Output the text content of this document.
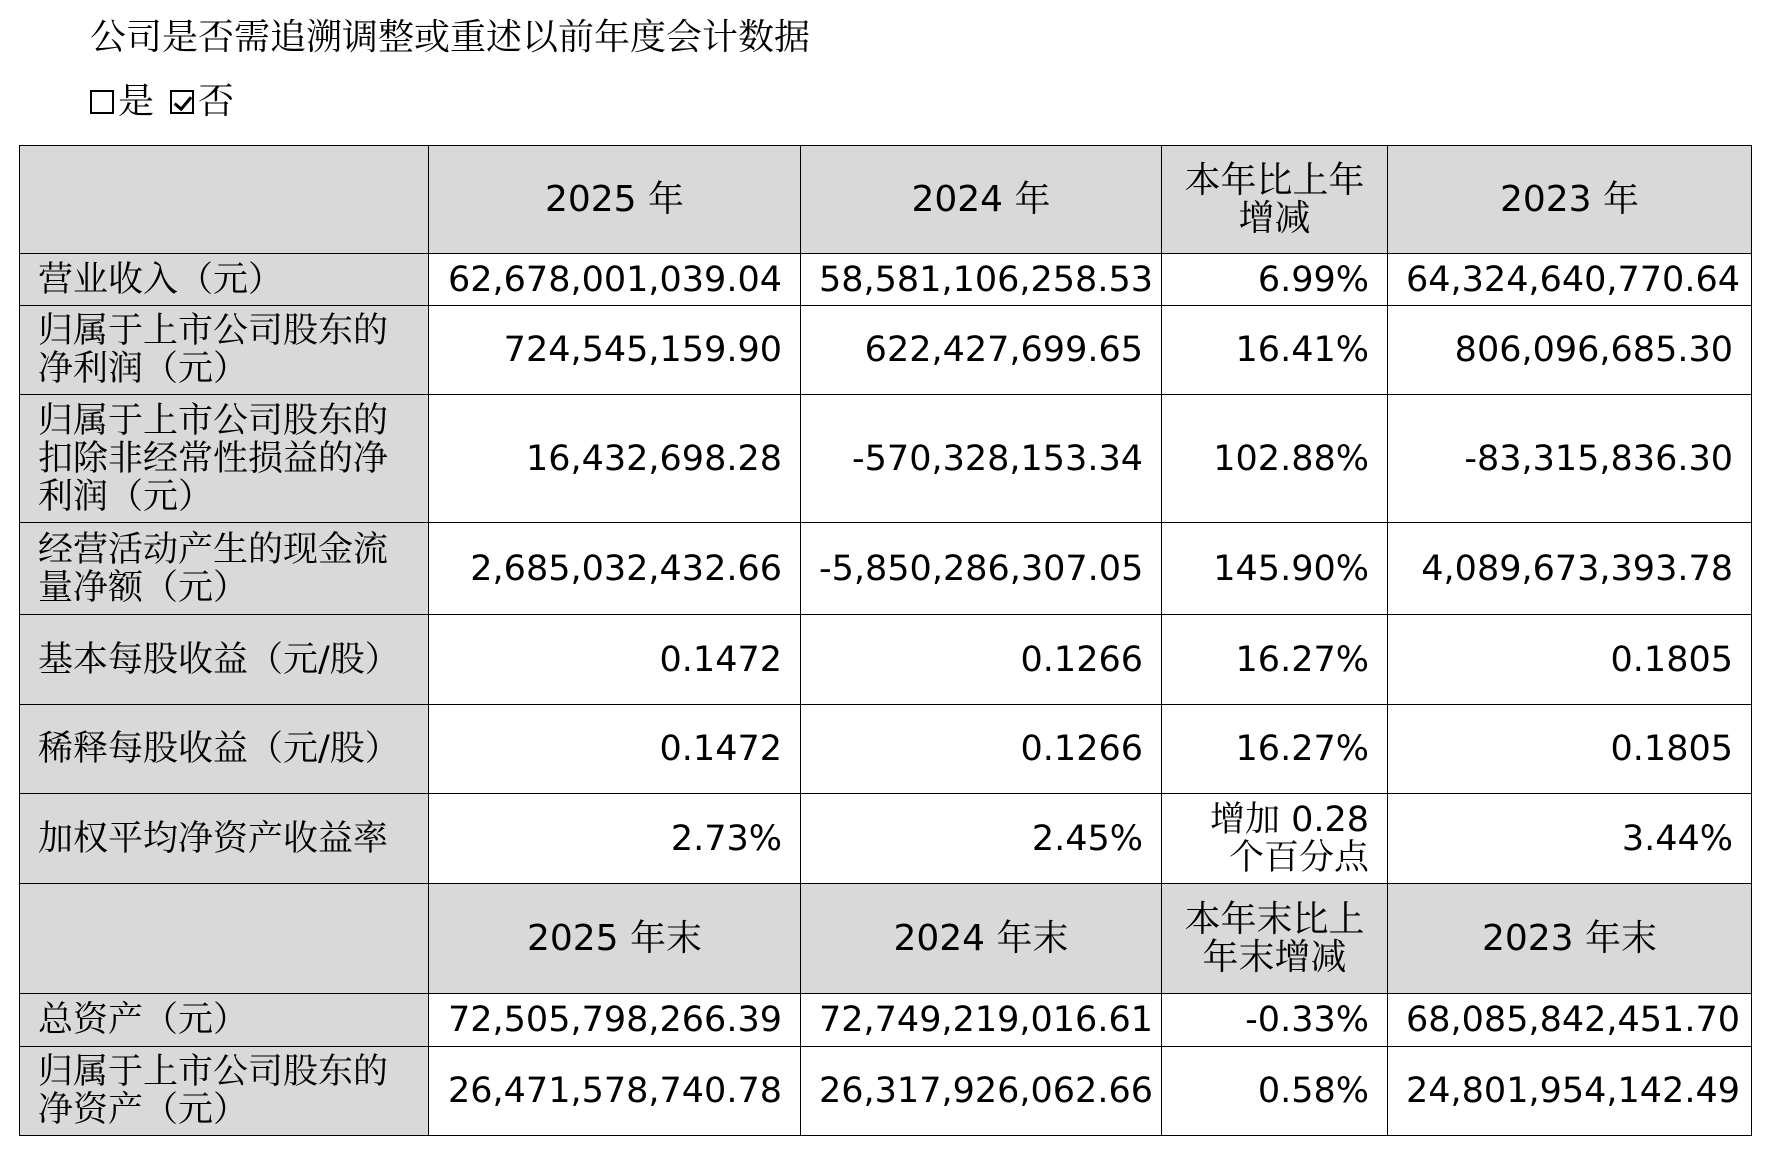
公司是否需追溯调整或重述以前年度会计数据
是 否
	2025 年	2024 年	本年比上年增减	2023 年
营业收入（元）	62,678,001,039.04	58,581,106,258.53	6.99%	64,324,640,770.64
归属于上市公司股东的净利润（元）	724,545,159.90	622,427,699.65	16.41%	806,096,685.30
归属于上市公司股东的扣除非经常性损益的净利润（元）	16,432,698.28	-570,328,153.34	102.88%	-83,315,836.30
经营活动产生的现金流量净额（元）	2,685,032,432.66	-5,850,286,307.05	145.90%	4,089,673,393.78
基本每股收益（元/股）	0.1472	0.1266	16.27%	0.1805
稀释每股收益（元/股）	0.1472	0.1266	16.27%	0.1805
加权平均净资产收益率	2.73%	2.45%	增加 0.28 个百分点	3.44%
	2025 年末	2024 年末	本年末比上年末增减	2023 年末
总资产（元）	72,505,798,266.39	72,749,219,016.61	-0.33%	68,085,842,451.70
归属于上市公司股东的净资产（元）	26,471,578,740.78	26,317,926,062.66	0.58%	24,801,954,142.49
